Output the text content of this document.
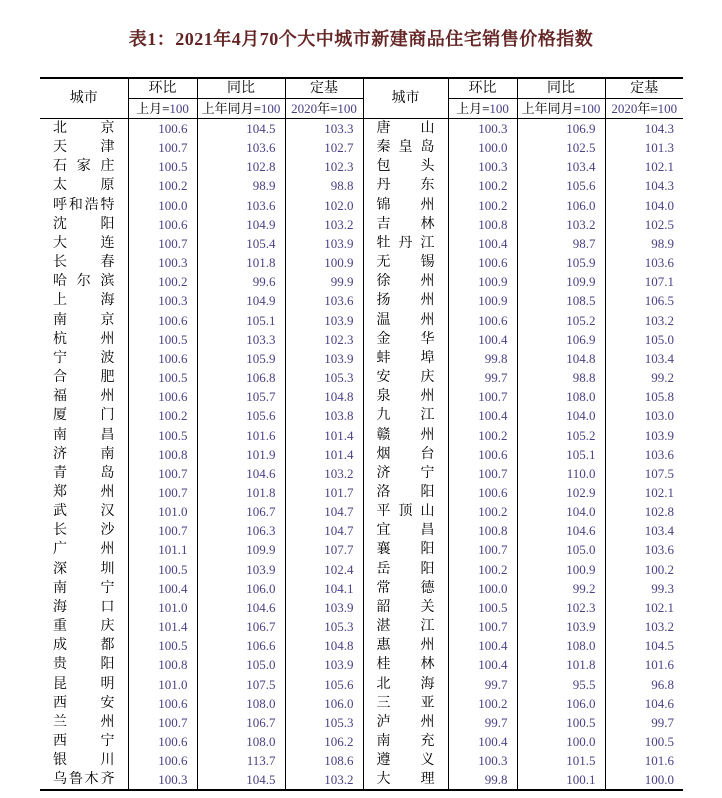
表1：2021年4月70个大中城市新建商品住宅销售价格指数
城市	环比	同比	定基	城市	环比	同比	定基
	上月=100	上年同月=100	2020年=100		上月=100	上年同月=100	2020年=100
北京	100.6	104.5	103.3	唐山	100.3	106.9	104.3
天津	100.7	103.6	102.7	秦皇岛	100.0	102.5	101.3
石家庄	100.5	102.8	102.3	包头	100.3	103.4	102.1
太原	100.2	98.9	98.8	丹东	100.2	105.6	104.3
呼和浩特	100.0	103.6	102.0	锦州	100.2	106.0	104.0
沈阳	100.6	104.9	103.2	吉林	100.8	103.2	102.5
大连	100.7	105.4	103.9	牡丹江	100.4	98.7	98.9
长春	100.3	101.8	100.9	无锡	100.6	105.9	103.6
哈尔滨	100.2	99.6	99.9	徐州	100.9	109.9	107.1
上海	100.3	104.9	103.6	扬州	100.9	108.5	106.5
南京	100.6	105.1	103.9	温州	100.6	105.2	103.2
杭州	100.5	103.3	102.3	金华	100.4	106.9	105.0
宁波	100.6	105.9	103.9	蚌埠	99.8	104.8	103.4
合肥	100.5	106.8	105.3	安庆	99.7	98.8	99.2
福州	100.6	105.7	104.8	泉州	100.7	108.0	105.8
厦门	100.2	105.6	103.8	九江	100.4	104.0	103.0
南昌	100.5	101.6	101.4	赣州	100.2	105.2	103.9
济南	100.8	101.9	101.4	烟台	100.6	105.1	103.6
青岛	100.7	104.6	103.2	济宁	100.7	110.0	107.5
郑州	100.7	101.8	101.7	洛阳	100.6	102.9	102.1
武汉	101.0	106.7	104.7	平顶山	100.2	104.0	102.8
长沙	100.7	106.3	104.7	宜昌	100.8	104.6	103.4
广州	101.1	109.9	107.7	襄阳	100.7	105.0	103.6
深圳	100.5	103.9	102.4	岳阳	100.2	100.9	100.2
南宁	100.4	106.0	104.1	常德	100.0	99.2	99.3
海口	101.0	104.6	103.9	韶关	100.5	102.3	102.1
重庆	101.4	106.7	105.3	湛江	100.7	103.9	103.2
成都	100.5	106.6	104.8	惠州	100.4	108.0	104.5
贵阳	100.8	105.0	103.9	桂林	100.4	101.8	101.6
昆明	101.0	107.5	105.6	北海	99.7	95.5	96.8
西安	100.6	108.0	106.0	三亚	100.2	106.0	104.6
兰州	100.7	106.7	105.3	泸州	99.7	100.5	99.7
西宁	100.6	108.0	106.2	南充	100.4	100.0	100.5
银川	100.6	113.7	108.6	遵义	100.3	101.5	101.6
乌鲁木齐	100.3	104.5	103.2	大理	99.8	100.1	100.0
